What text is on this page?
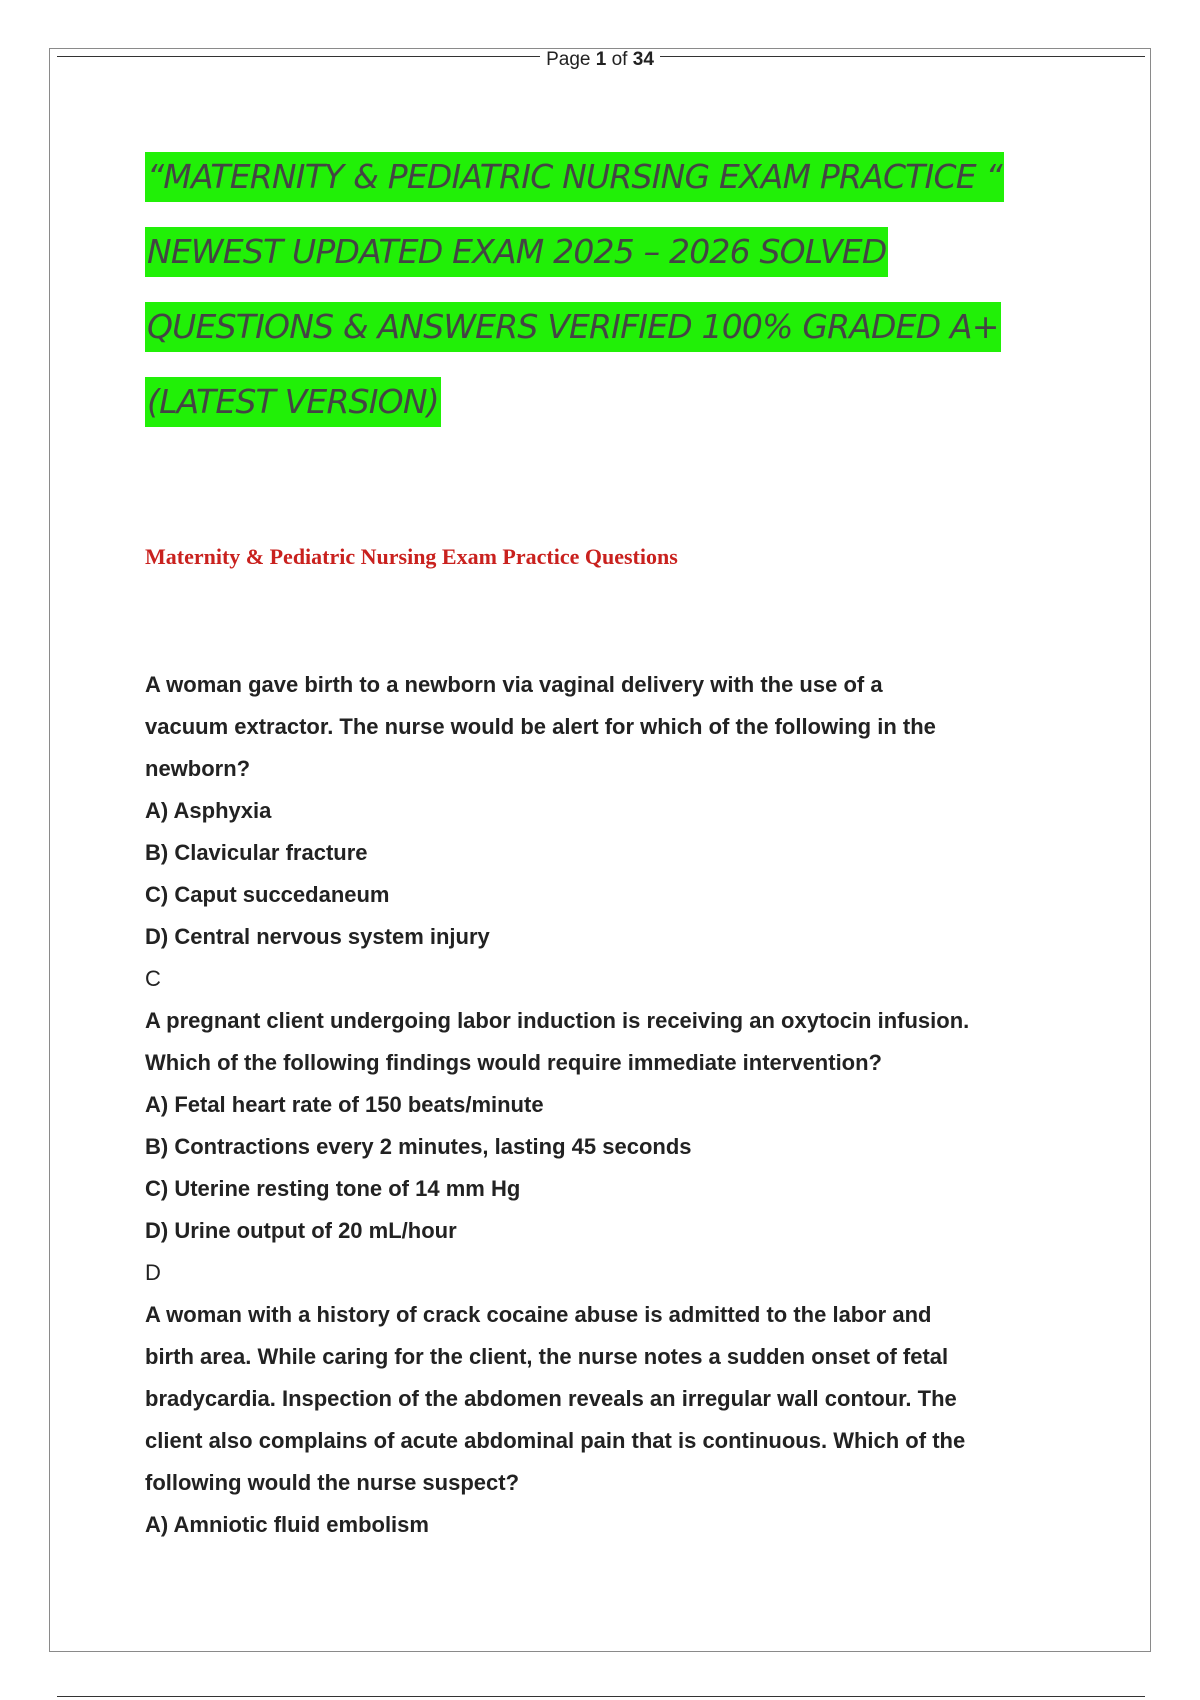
Page 1 of 34
“MATERNITY & PEDIATRIC NURSING EXAM PRACTICE “
NEWEST UPDATED EXAM 2025 – 2026 SOLVED
QUESTIONS & ANSWERS VERIFIED 100% GRADED A+
(LATEST VERSION)
Maternity & Pediatric Nursing Exam Practice Questions

A woman gave birth to a newborn via vaginal delivery with the use of a

vacuum extractor. The nurse would be alert for which of the following in the

newborn?

A) Asphyxia

B) Clavicular fracture

C) Caput succedaneum

D) Central nervous system injury

C

A pregnant client undergoing labor induction is receiving an oxytocin infusion.

Which of the following findings would require immediate intervention?

A) Fetal heart rate of 150 beats/minute

B) Contractions every 2 minutes, lasting 45 seconds

C) Uterine resting tone of 14 mm Hg

D) Urine output of 20 mL/hour

D

A woman with a history of crack cocaine abuse is admitted to the labor and

birth area. While caring for the client, the nurse notes a sudden onset of fetal

bradycardia. Inspection of the abdomen reveals an irregular wall contour. The

client also complains of acute abdominal pain that is continuous. Which of the

following would the nurse suspect?

A) Amniotic fluid embolism
